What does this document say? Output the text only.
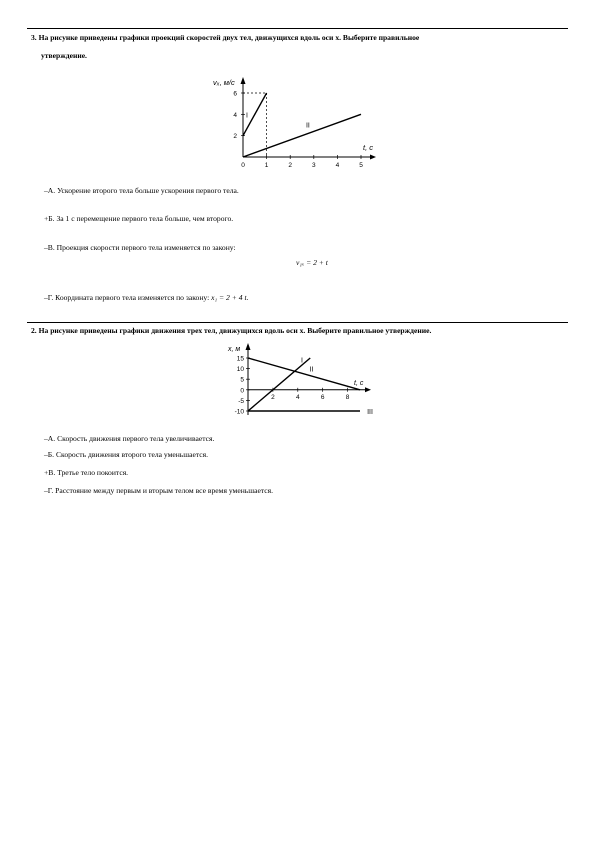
3. На рисунке приведены графики проекций скоростей двух тел, движущихся вдоль оси x. Выберите правильное
утверждение.
vₓ, м/с
t, с
0	1	2	3	4	5
2
4
6
I
II
–А. Ускорение второго тела больше ускорения первого тела.
+Б. За 1 с перемещение первого тела больше, чем второго.
–В. Проекция скорости первого тела изменяется по закону:
v₁ₓ = 2 + t
–Г. Координата первого тела изменяется по закону: x₁ = 2 + 4 t.
2. На рисунке приведены графики движения трех тел, движущихся вдоль оси x. Выберите правильное утверждение.
x, м
t, с
15
10
5
0
-5
-10
2	4	6	8
I
II
III
–А. Скорость движения первого тела увеличивается.
–Б. Скорость движения второго тела уменьшается.
+В. Третье тело покоится.
–Г. Расстояние между первым и вторым телом все время уменьшается.
